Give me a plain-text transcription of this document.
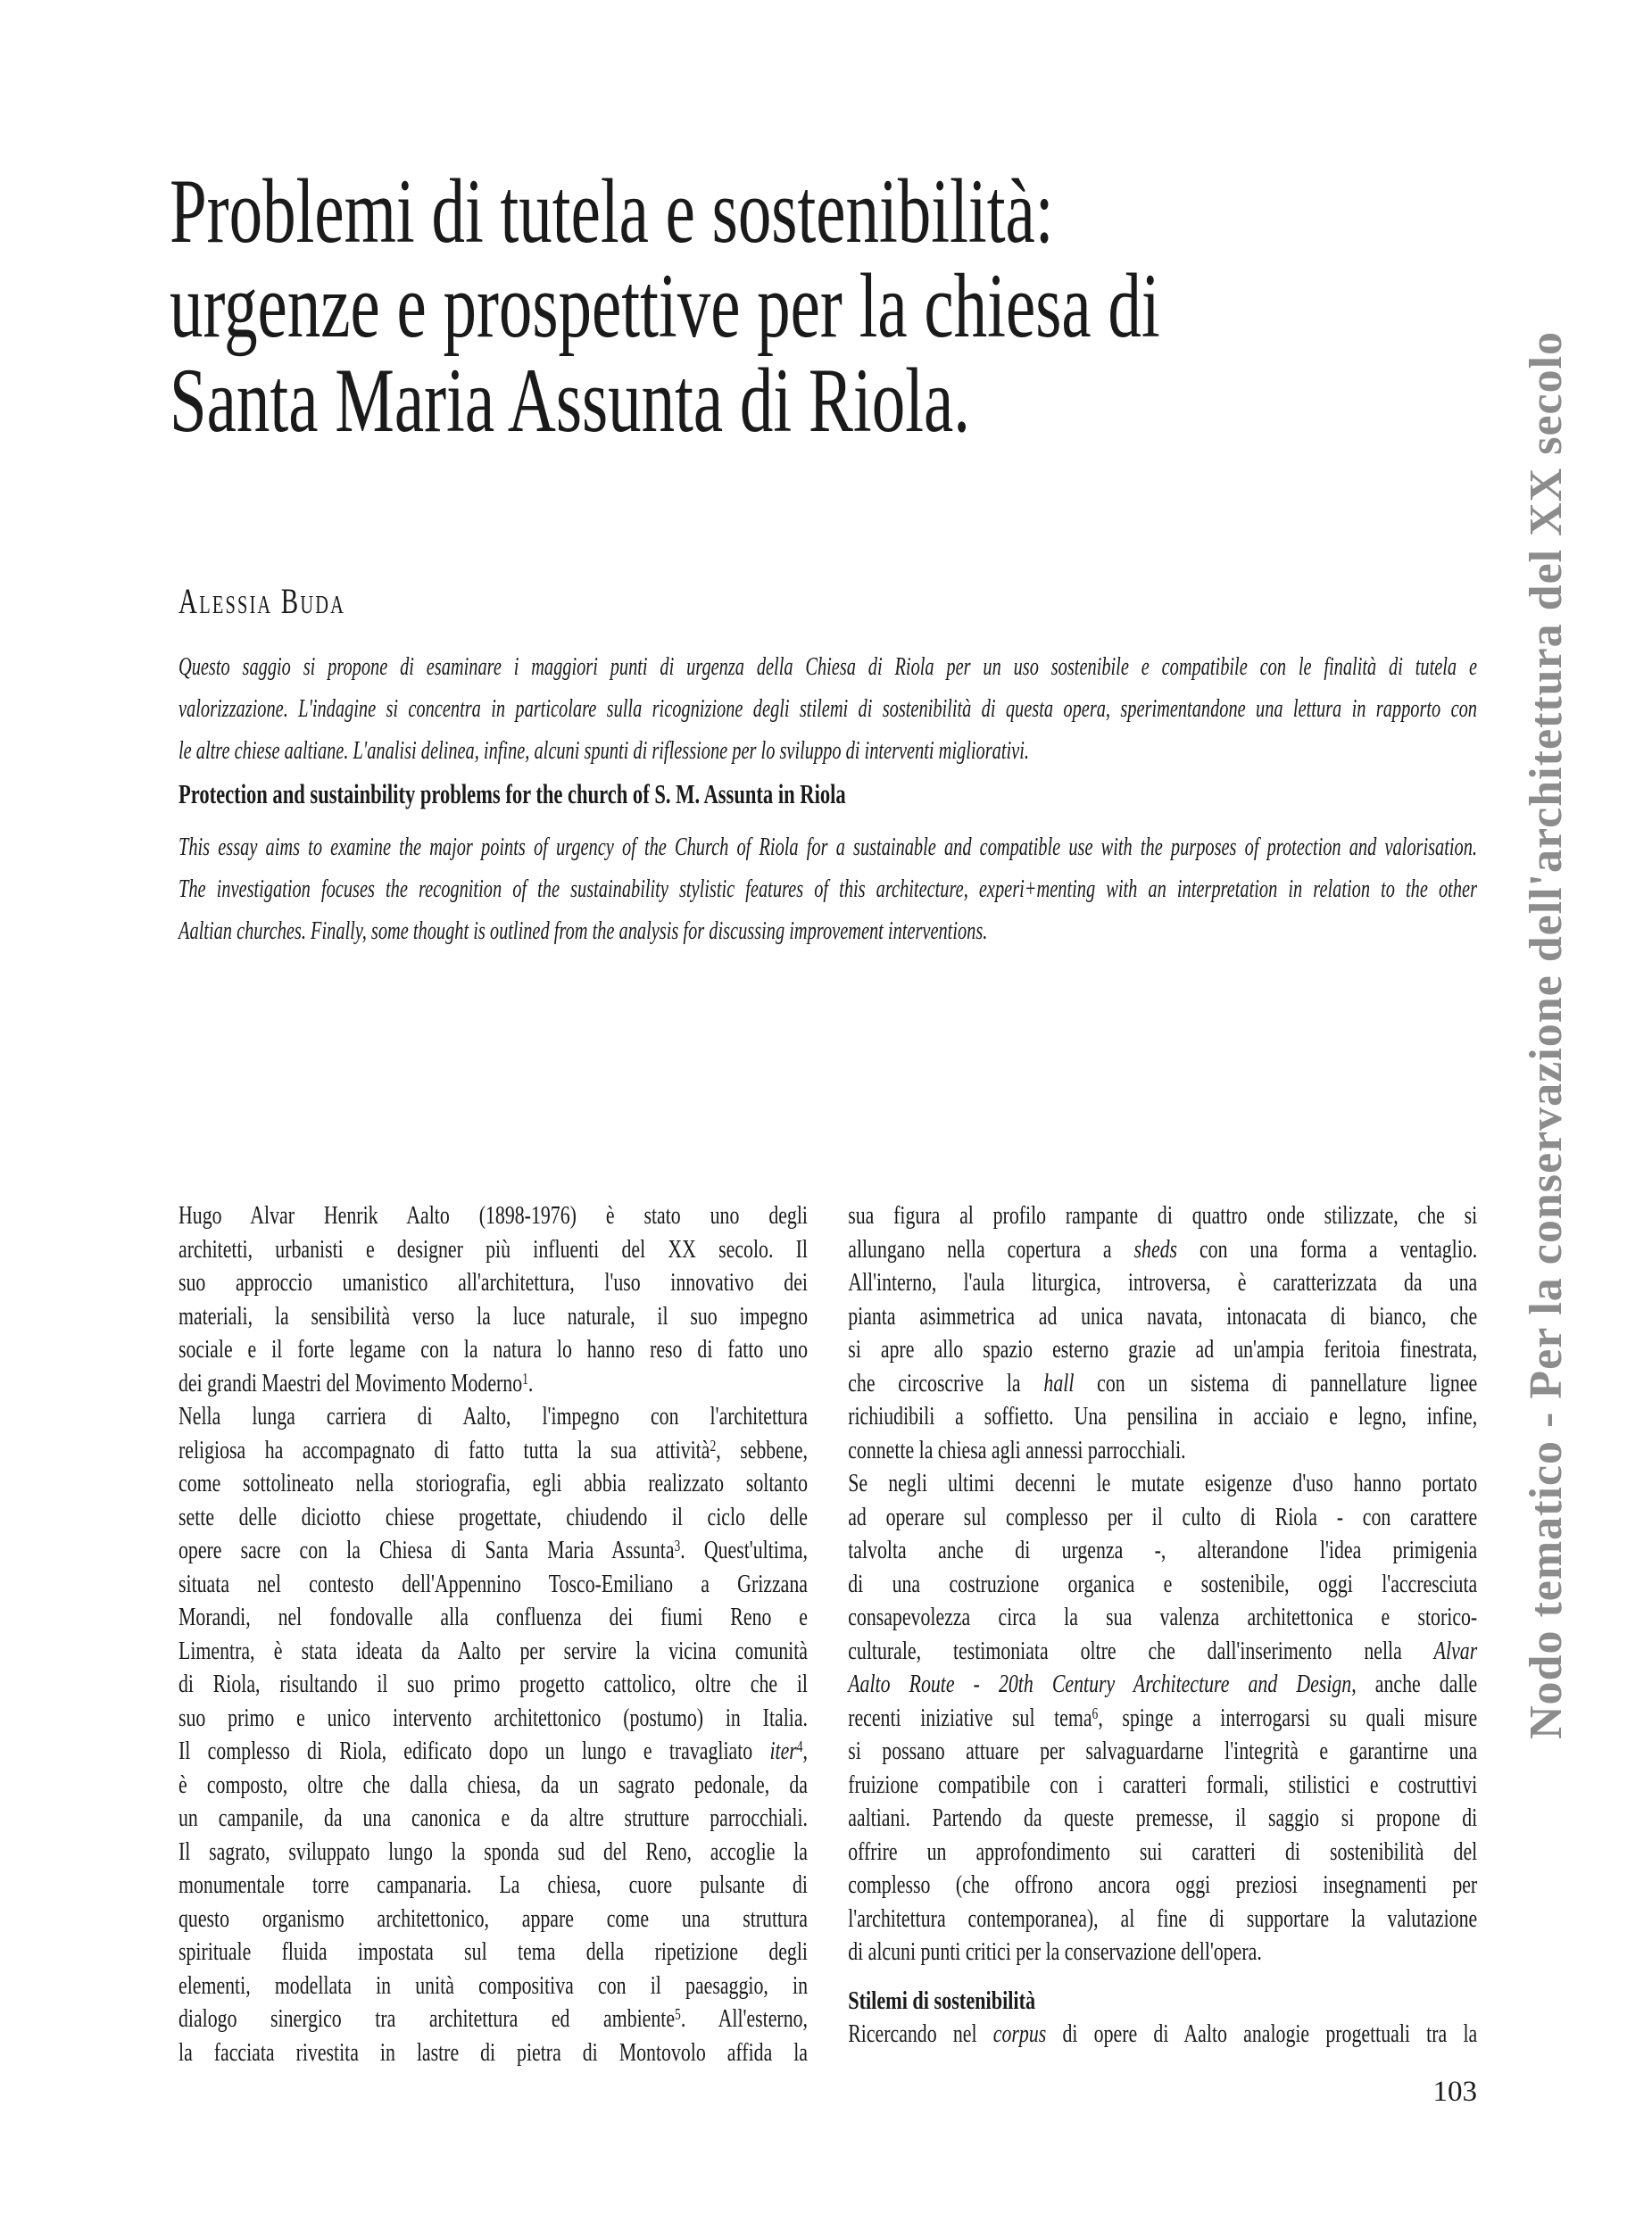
Problemi di tutela e sostenibilità:
urgenze e prospettive per la chiesa di
Santa Maria Assunta di Riola.
Alessia Buda
Questo saggio si propone di esaminare i maggiori punti di urgenza della Chiesa di Riola per un uso sostenibile e compatibile con le finalità di tutela e
valorizzazione. L'indagine si concentra in particolare sulla ricognizione degli stilemi di sostenibilità di questa opera, sperimentandone una lettura in rapporto con
le altre chiese aaltiane. L'analisi delinea, infine, alcuni spunti di riflessione per lo sviluppo di interventi migliorativi.
Protection and sustainbility problems for the church of S. M. Assunta in Riola
This essay aims to examine the major points of urgency of the Church of Riola for a sustainable and compatible use with the purposes of protection and valorisation.
The investigation focuses the recognition of the sustainability stylistic features of this architecture, experi+menting with an interpretation in relation to the other
Aaltian churches. Finally, some thought is outlined from the analysis for discussing improvement interventions.
Hugo Alvar Henrik Aalto (1898-1976) è stato uno degli
architetti, urbanisti e designer più influenti del XX secolo. Il
suo approccio umanistico all'architettura, l'uso innovativo dei
materiali, la sensibilità verso la luce naturale, il suo impegno
sociale e il forte legame con la natura lo hanno reso di fatto uno
dei grandi Maestri del Movimento Moderno$^1$.
Nella lunga carriera di Aalto, l'impegno con l'architettura
religiosa ha accompagnato di fatto tutta la sua attività$^2$, sebbene,
come sottolineato nella storiografia, egli abbia realizzato soltanto
sette delle diciotto chiese progettate, chiudendo il ciclo delle
opere sacre con la Chiesa di Santa Maria Assunta$^3$. Quest'ultima,
situata nel contesto dell'Appennino Tosco-Emiliano a Grizzana
Morandi, nel fondovalle alla confluenza dei fiumi Reno e
Limentra, è stata ideata da Aalto per servire la vicina comunità
di Riola, risultando il suo primo progetto cattolico, oltre che il
suo primo e unico intervento architettonico (postumo) in Italia.
Il complesso di Riola, edificato dopo un lungo e travagliato iter$^4$,
è composto, oltre che dalla chiesa, da un sagrato pedonale, da
un campanile, da una canonica e da altre strutture parrocchiali.
Il sagrato, sviluppato lungo la sponda sud del Reno, accoglie la
monumentale torre campanaria. La chiesa, cuore pulsante di
questo organismo architettonico, appare come una struttura
spirituale fluida impostata sul tema della ripetizione degli
elementi, modellata in unità compositiva con il paesaggio, in
dialogo sinergico tra architettura ed ambiente$^5$. All'esterno,
la facciata rivestita in lastre di pietra di Montovolo affida la
sua figura al profilo rampante di quattro onde stilizzate, che si
allungano nella copertura a sheds con una forma a ventaglio.
All'interno, l'aula liturgica, introversa, è caratterizzata da una
pianta asimmetrica ad unica navata, intonacata di bianco, che
si apre allo spazio esterno grazie ad un'ampia feritoia finestrata,
che circoscrive la hall con un sistema di pannellature lignee
richiudibili a soffietto. Una pensilina in acciaio e legno, infine,
connette la chiesa agli annessi parrocchiali.
Se negli ultimi decenni le mutate esigenze d'uso hanno portato
ad operare sul complesso per il culto di Riola - con carattere
talvolta anche di urgenza -, alterandone l'idea primigenia
di una costruzione organica e sostenibile, oggi l'accresciuta
consapevolezza circa la sua valenza architettonica e storico-
culturale, testimoniata oltre che dall'inserimento nella Alvar
Aalto Route - 20th Century Architecture and Design, anche dalle
recenti iniziative sul tema$^6$, spinge a interrogarsi su quali misure
si possano attuare per salvaguardarne l'integrità e garantirne una
fruizione compatibile con i caratteri formali, stilistici e costruttivi
aaltiani. Partendo da queste premesse, il saggio si propone di
offrire un approfondimento sui caratteri di sostenibilità del
complesso (che offrono ancora oggi preziosi insegnamenti per
l'architettura contemporanea), al fine di supportare la valutazione
di alcuni punti critici per la conservazione dell'opera.
Stilemi di sostenibilità
Ricercando nel corpus di opere di Aalto analogie progettuali tra la
103
Nodo tematico - Per la conservazione dell'architettura del XX secolo
